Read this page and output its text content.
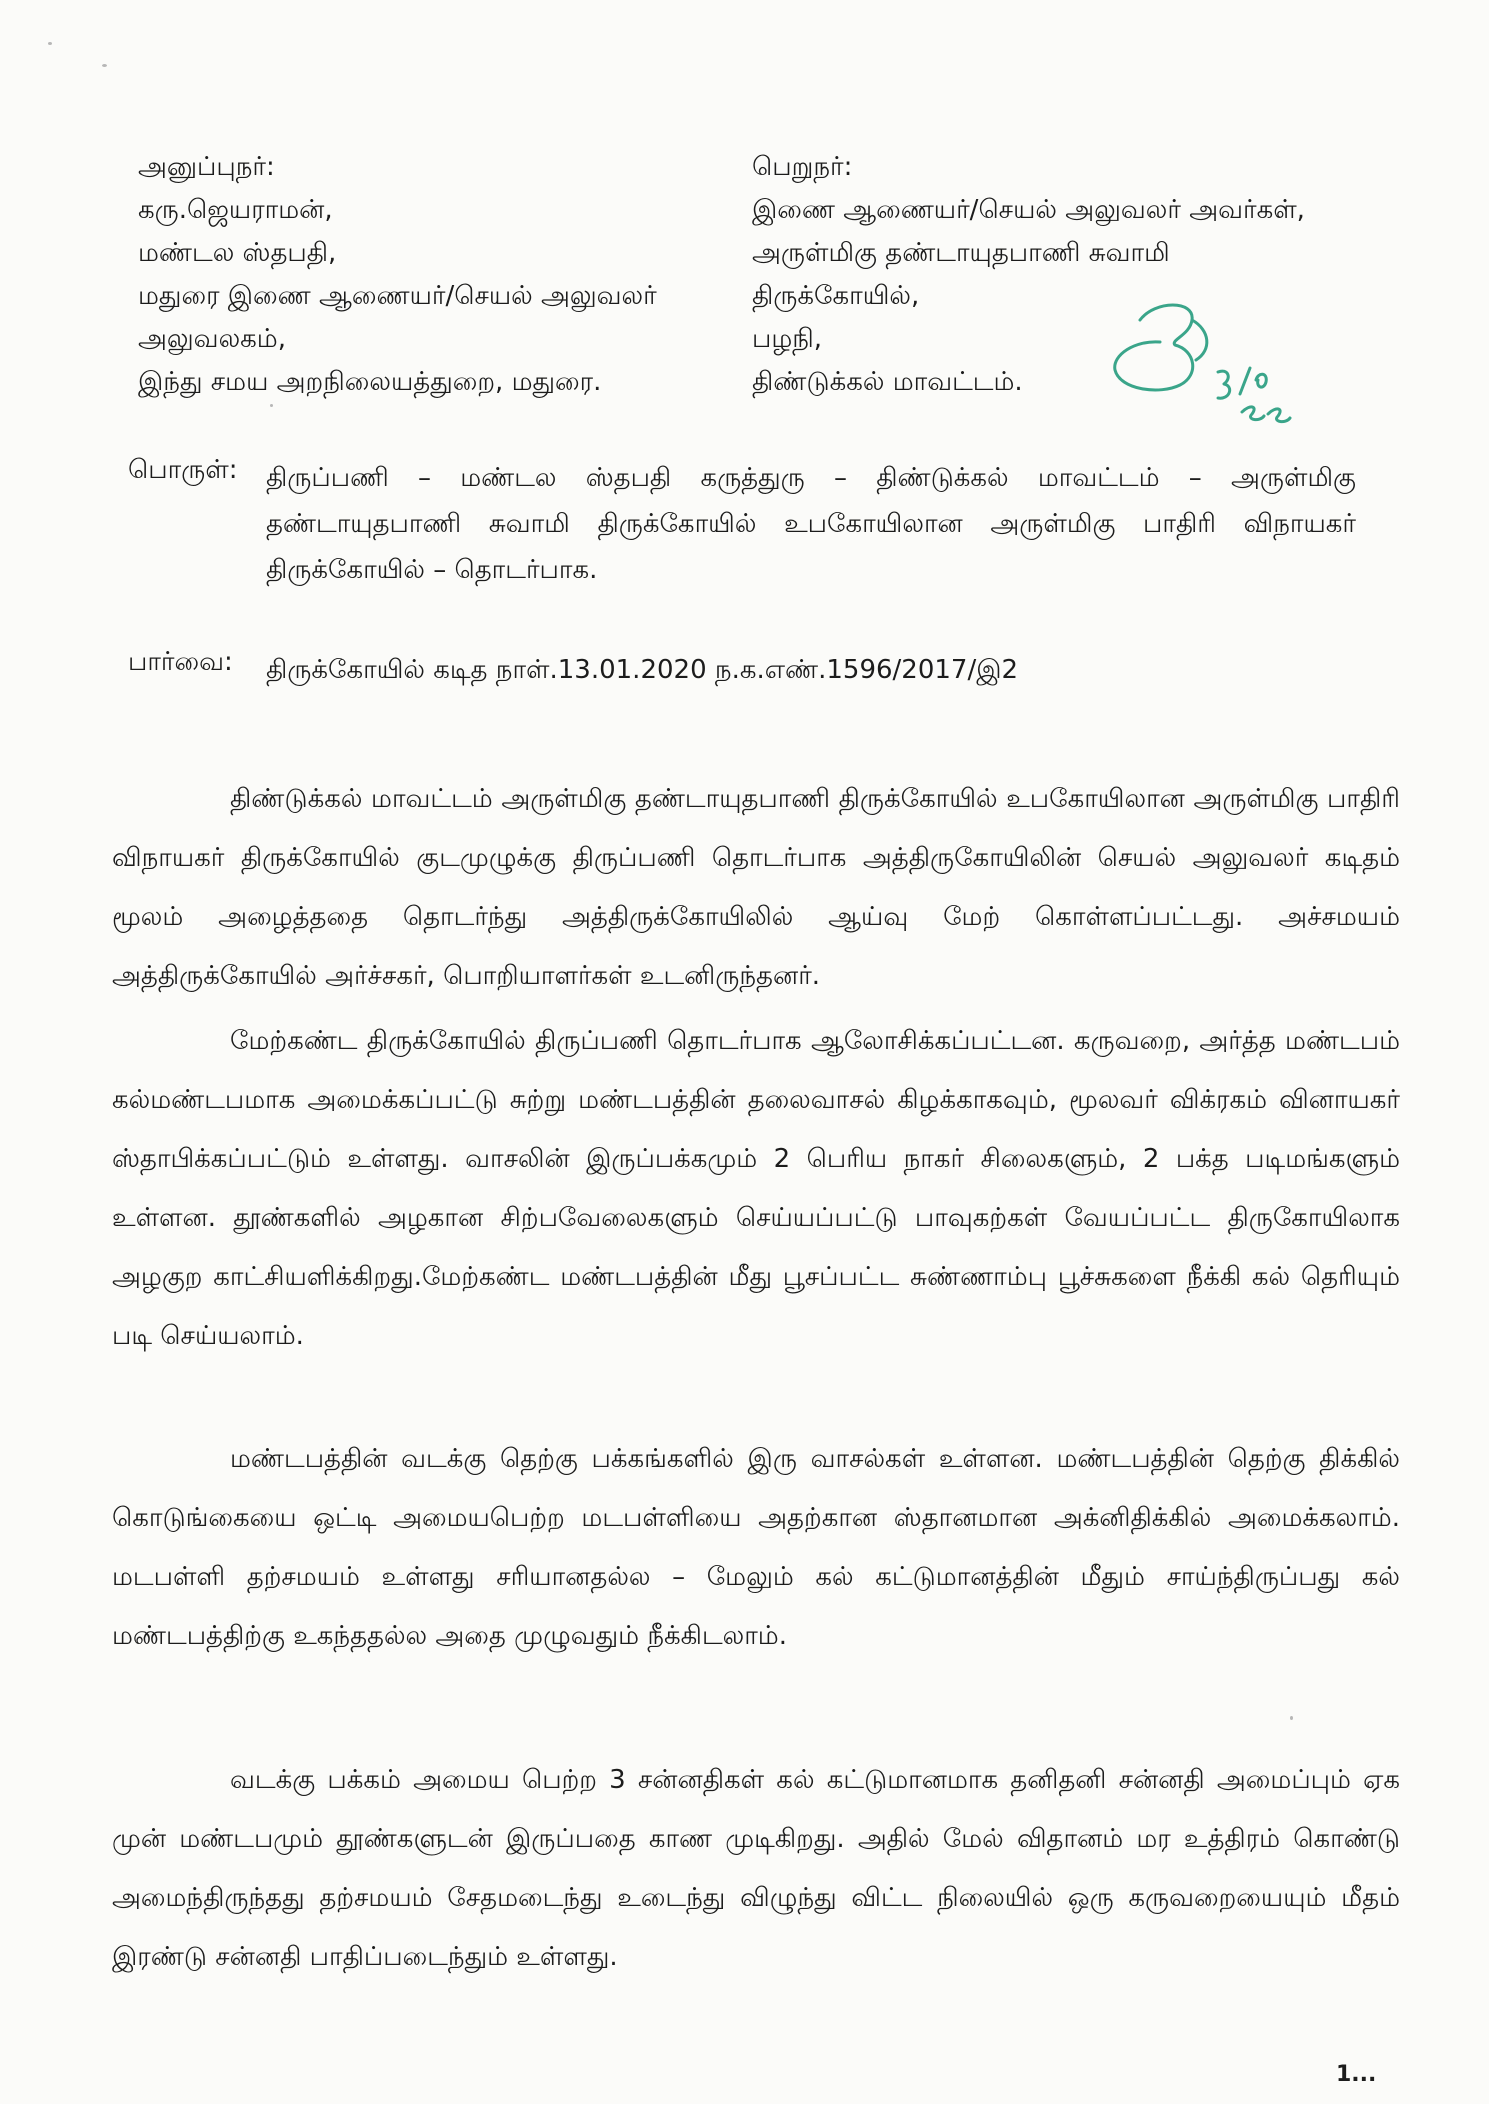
அனுப்புநர்:

கரு.ஜெயராமன்,

மண்டல ஸ்தபதி,

மதுரை இணை ஆணையர்/செயல் அலுவலர்

அலுவலகம்,

இந்து சமய அறநிலையத்துறை, மதுரை.

பெறுநர்:

இணை ஆணையர்/செயல் அலுவலர் அவர்கள்,

அருள்மிகு தண்டாயுதபாணி சுவாமி

திருக்கோயில்,

பழநி,

திண்டுக்கல் மாவட்டம்.

பொருள்: திருப்பணி – மண்டல ஸ்தபதி கருத்துரு – திண்டுக்கல் மாவட்டம் – அருள்மிகு தண்டாயுதபாணி சுவாமி திருக்கோயில் உபகோயிலான அருள்மிகு பாதிரி விநாயகர் திருக்கோயில் – தொடர்பாக.
பார்வை: திருக்கோயில் கடித நாள்.13.01.2020 ந.க.எண்.1596/2017/இ2

திண்டுக்கல் மாவட்டம் அருள்மிகு தண்டாயுதபாணி திருக்கோயில் உபகோயிலான அருள்மிகு பாதிரி விநாயகர் திருக்கோயில் குடமுழுக்கு திருப்பணி தொடர்பாக அத்திருகோயிலின் செயல் அலுவலர் கடிதம் மூலம் அழைத்ததை தொடர்ந்து அத்திருக்கோயிலில் ஆய்வு மேற் கொள்ளப்பட்டது. அச்சமயம் அத்திருக்கோயில் அர்ச்சகர், பொறியாளர்கள் உடனிருந்தனர்.

மேற்கண்ட திருக்கோயில் திருப்பணி தொடர்பாக ஆலோசிக்கப்பட்டன. கருவறை, அர்த்த மண்டபம் கல்மண்டபமாக அமைக்கப்பட்டு சுற்று மண்டபத்தின் தலைவாசல் கிழக்காகவும், மூலவர் விக்ரகம் வினாயகர் ஸ்தாபிக்கப்பட்டும் உள்ளது. வாசலின் இருப்பக்கமும் 2 பெரிய நாகர் சிலைகளும், 2 பக்த படிமங்களும் உள்ளன. தூண்களில் அழகான சிற்பவேலைகளும் செய்யப்பட்டு பாவுகற்கள் வேயப்பட்ட திருகோயிலாக அழகுற காட்சியளிக்கிறது.மேற்கண்ட மண்டபத்தின் மீது பூசப்பட்ட சுண்ணாம்பு பூச்சுகளை நீக்கி கல் தெரியும் படி செய்யலாம்.

மண்டபத்தின் வடக்கு தெற்கு பக்கங்களில் இரு வாசல்கள் உள்ளன. மண்டபத்தின் தெற்கு திக்கில் கொடுங்கையை ஒட்டி அமையபெற்ற மடபள்ளியை அதற்கான ஸ்தானமான அக்னிதிக்கில் அமைக்கலாம். மடபள்ளி தற்சமயம் உள்ளது சரியானதல்ல – மேலும் கல் கட்டுமானத்தின் மீதும் சாய்ந்திருப்பது கல் மண்டபத்திற்கு உகந்ததல்ல அதை முழுவதும் நீக்கிடலாம்.

வடக்கு பக்கம் அமைய பெற்ற 3 சன்னதிகள் கல் கட்டுமானமாக தனிதனி சன்னதி அமைப்பும் ஏக முன் மண்டபமும் தூண்களுடன் இருப்பதை காண முடிகிறது. அதில் மேல் விதானம் மர உத்திரம் கொண்டு அமைந்திருந்தது தற்சமயம் சேதமடைந்து உடைந்து விழுந்து விட்ட நிலையில் ஒரு கருவறையையும் மீதம் இரண்டு சன்னதி பாதிப்படைந்தும் உள்ளது.

1...
